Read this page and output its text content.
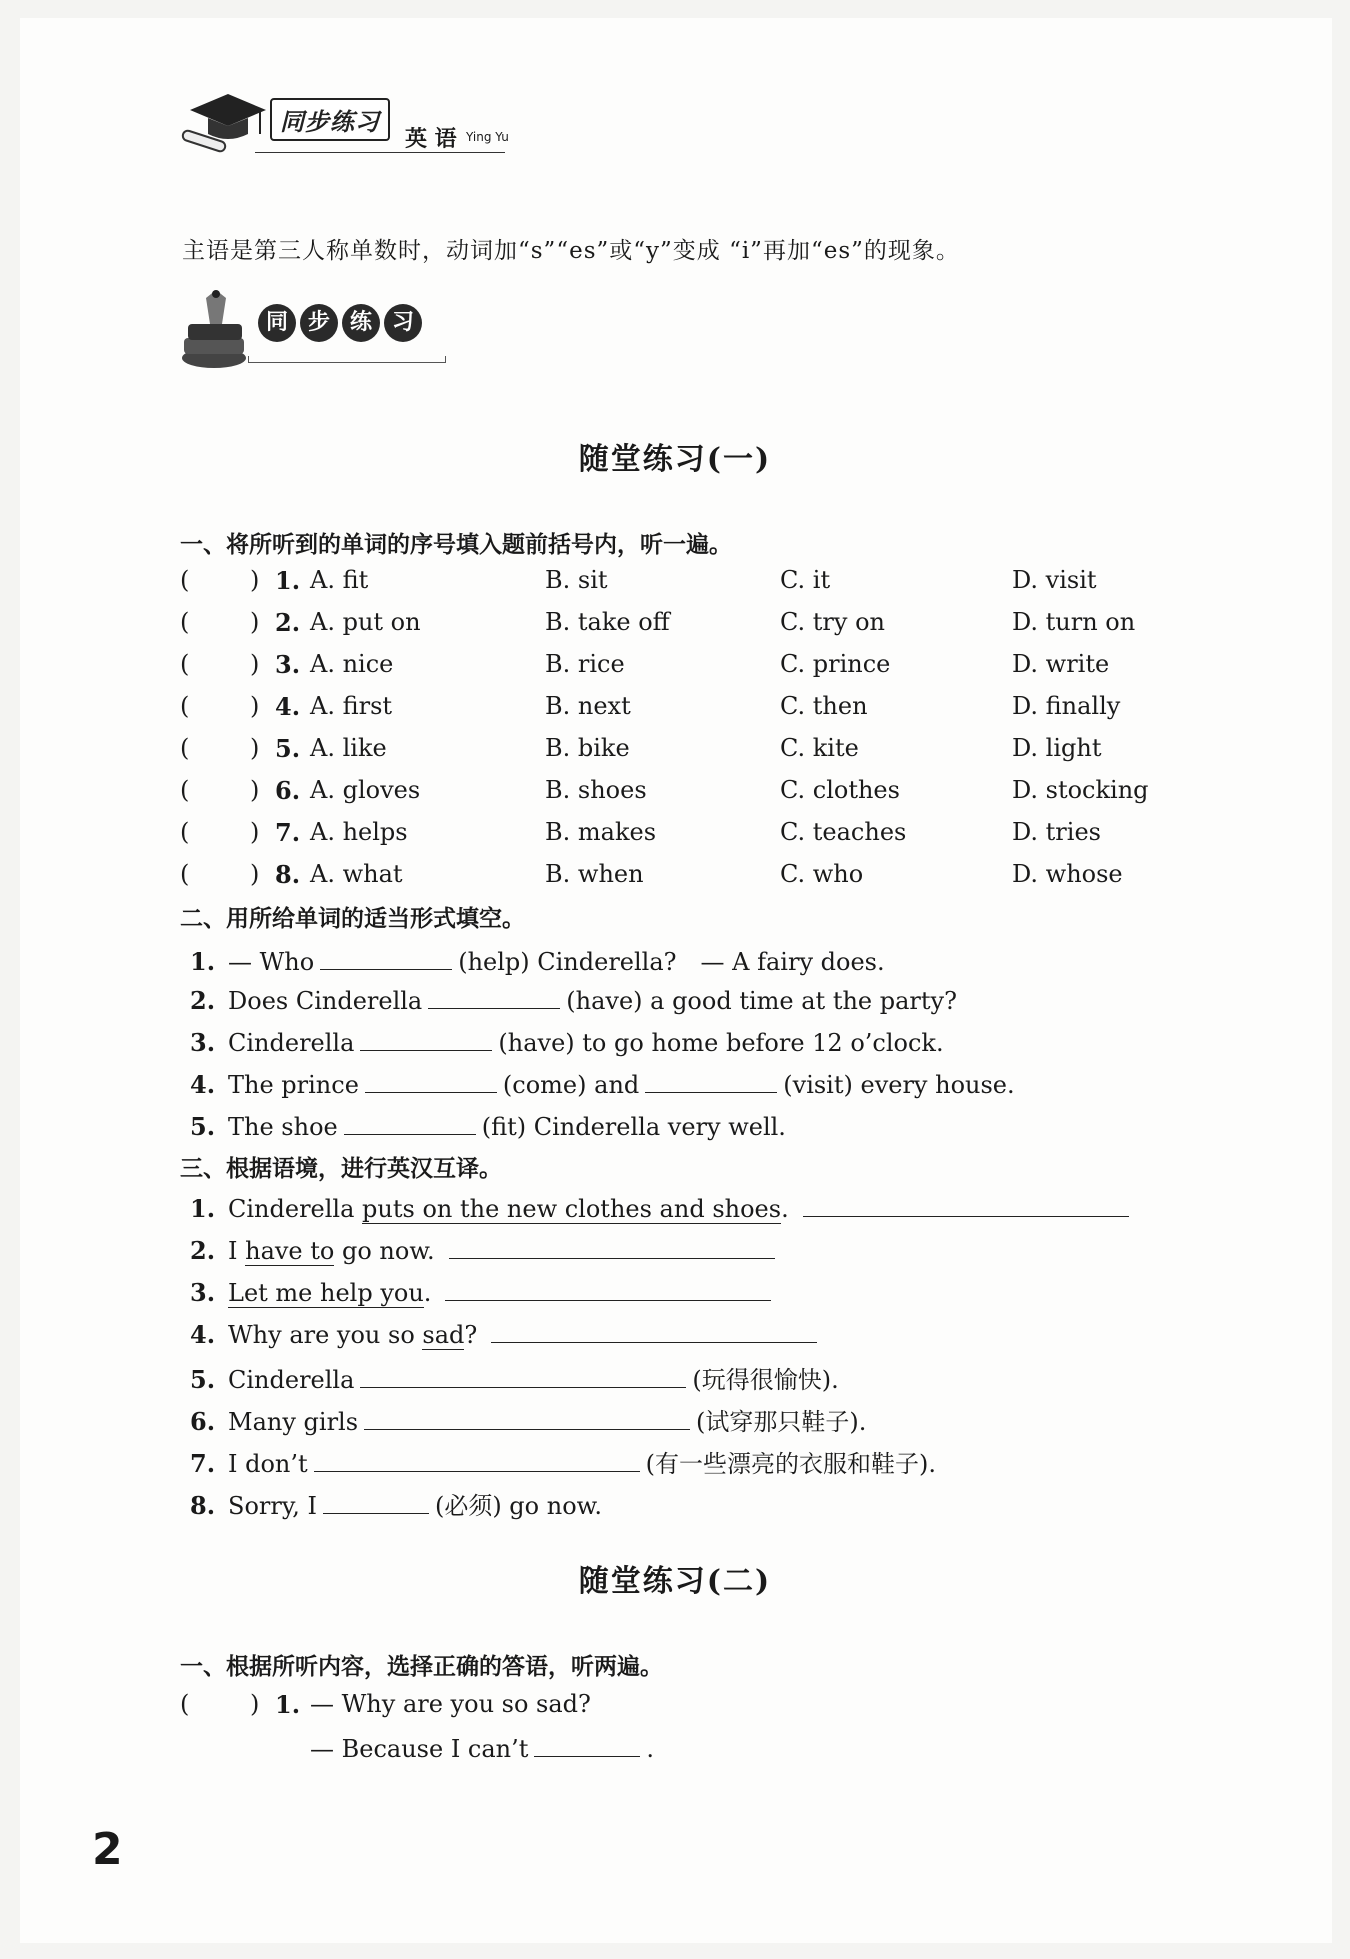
同步练习
英 语 Ying Yu
主语是第三人称单数时，动词加“s”“es”或“y”变成 “i”再加“es”的现象。
同 步 练 习
随堂练习(一)
一、将所听到的单词的序号填入题前括号内，听一遍。
(	) 1. A. fit	B. sit	C. it	D. visit
(	) 2. A. put on	B. take off	C. try on	D. turn on
(	) 3. A. nice	B. rice	C. prince	D. write
(	) 4. A. first	B. next	C. then	D. finally
(	) 5. A. like	B. bike	C. kite	D. light
(	) 6. A. gloves	B. shoes	C. clothes	D. stocking
(	) 7. A. helps	B. makes	C. teaches	D. tries
(	) 8. A. what	B. when	C. who	D. whose
二、用所给单词的适当形式填空。
1. — Who	(help) Cinderella?　— A fairy does.
2. Does Cinderella	(have) a good time at the party?
3. Cinderella	(have) to go home before 12 o’clock.
4. The prince	(come) and	(visit) every house.
5. The shoe	(fit) Cinderella very well.
三、根据语境，进行英汉互译。
1. Cinderella puts on the new clothes and shoes.
2. I have to go now.
3. Let me help you.
4. Why are you so sad?
5. Cinderella	(玩得很愉快).
6. Many girls	(试穿那只鞋子).
7. I don’t	(有一些漂亮的衣服和鞋子).
8. Sorry, I	(必须) go now.
随堂练习(二)
一、根据所听内容，选择正确的答语，听两遍。
(	) 1. — Why are you so sad?
— Because I can’t	.
2
